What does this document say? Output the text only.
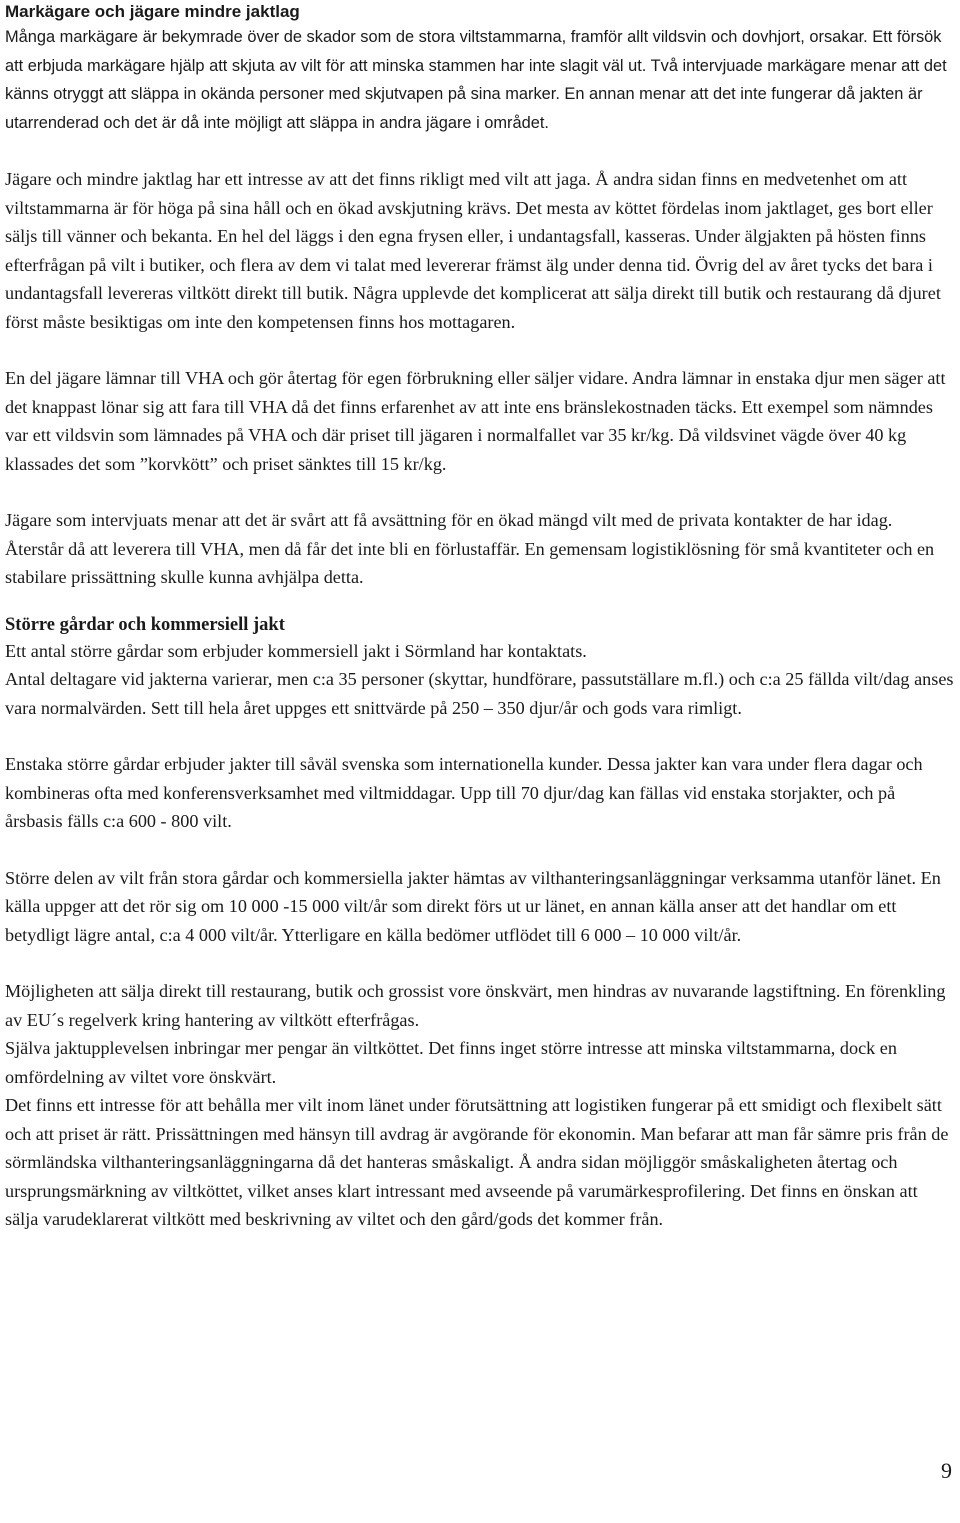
Markägare och jägare mindre jaktlag

Många markägare är bekymrade över de skador som de stora viltstammarna, framför allt vildsvin och dovhjort, orsakar. Ett försök att erbjuda markägare hjälp att skjuta av vilt för att minska stammen har inte slagit väl ut. Två intervjuade markägare menar att det känns otryggt att släppa in okända personer med skjutvapen på sina marker. En annan menar att det inte fungerar då jakten är utarrenderad och det är då inte möjligt att släppa in andra jägare i området.

Jägare och mindre jaktlag har ett intresse av att det finns rikligt med vilt att jaga. Å andra sidan finns en medvetenhet om att viltstammarna är för höga på sina håll och en ökad avskjutning krävs. Det mesta av köttet fördelas inom jaktlaget, ges bort eller säljs till vänner och bekanta. En hel del läggs i den egna frysen eller, i undantagsfall, kasseras. Under älgjakten på hösten finns efterfrågan på vilt i butiker, och flera av dem vi talat med levererar främst älg under denna tid. Övrig del av året tycks det bara i undantagsfall levereras viltkött direkt till butik. Några upplevde det komplicerat att sälja direkt till butik och restaurang då djuret först måste besiktigas om inte den kompetensen finns hos mottagaren.

En del jägare lämnar till VHA och gör återtag för egen förbrukning eller säljer vidare. Andra lämnar in enstaka djur men säger att det knappast lönar sig att fara till VHA då det finns erfarenhet av att inte ens bränslekostnaden täcks. Ett exempel som nämndes var ett vildsvin som lämnades på VHA och där priset till jägaren i normalfallet var 35 kr/kg. Då vildsvinet vägde över 40 kg klassades det som ”korvkött” och priset sänktes till 15 kr/kg.

Jägare som intervjuats menar att det är svårt att få avsättning för en ökad mängd vilt med de privata kontakter de har idag. Återstår då att leverera till VHA, men då får det inte bli en förlustaffär. En gemensam logistiklösning för små kvantiteter och en stabilare prissättning skulle kunna avhjälpa detta.

Större gårdar och kommersiell jakt

Ett antal större gårdar som erbjuder kommersiell jakt i Sörmland har kontaktats.

Antal deltagare vid jakterna varierar, men c:a 35 personer (skyttar, hundförare, passutställare m.fl.) och c:a 25 fällda vilt/dag anses vara normalvärden. Sett till hela året uppges ett snittvärde på 250 – 350 djur/år och gods vara rimligt.

Enstaka större gårdar erbjuder jakter till såväl svenska som internationella kunder. Dessa jakter kan vara under flera dagar och kombineras ofta med konferensverksamhet med viltmiddagar. Upp till 70 djur/dag kan fällas vid enstaka storjakter, och på årsbasis fälls c:a 600 - 800 vilt.

Större delen av vilt från stora gårdar och kommersiella jakter hämtas av vilthanteringsanläggningar verksamma utanför länet. En källa uppger att det rör sig om 10 000 -15 000 vilt/år som direkt förs ut ur länet, en annan källa anser att det handlar om ett betydligt lägre antal, c:a 4 000 vilt/år. Ytterligare en källa bedömer utflödet till 6 000 – 10 000 vilt/år.

Möjligheten att sälja direkt till restaurang, butik och grossist vore önskvärt, men hindras av nuvarande lagstiftning. En förenkling av EU´s regelverk kring hantering av viltkött efterfrågas.

Själva jaktupplevelsen inbringar mer pengar än viltköttet. Det finns inget större intresse att minska viltstammarna, dock en omfördelning av viltet vore önskvärt.

Det finns ett intresse för att behålla mer vilt inom länet under förutsättning att logistiken fungerar på ett smidigt och flexibelt sätt och att priset är rätt. Prissättningen med hänsyn till avdrag är avgörande för ekonomin. Man befarar att man får sämre pris från de sörmländska vilthanteringsanläggningarna då det hanteras småskaligt. Å andra sidan möjliggör småskaligheten återtag och ursprungsmärkning av viltköttet, vilket anses klart intressant med avseende på varumärkesprofilering. Det finns en önskan att sälja varudeklarerat viltkött med beskrivning av viltet och den gård/gods det kommer från.

9
